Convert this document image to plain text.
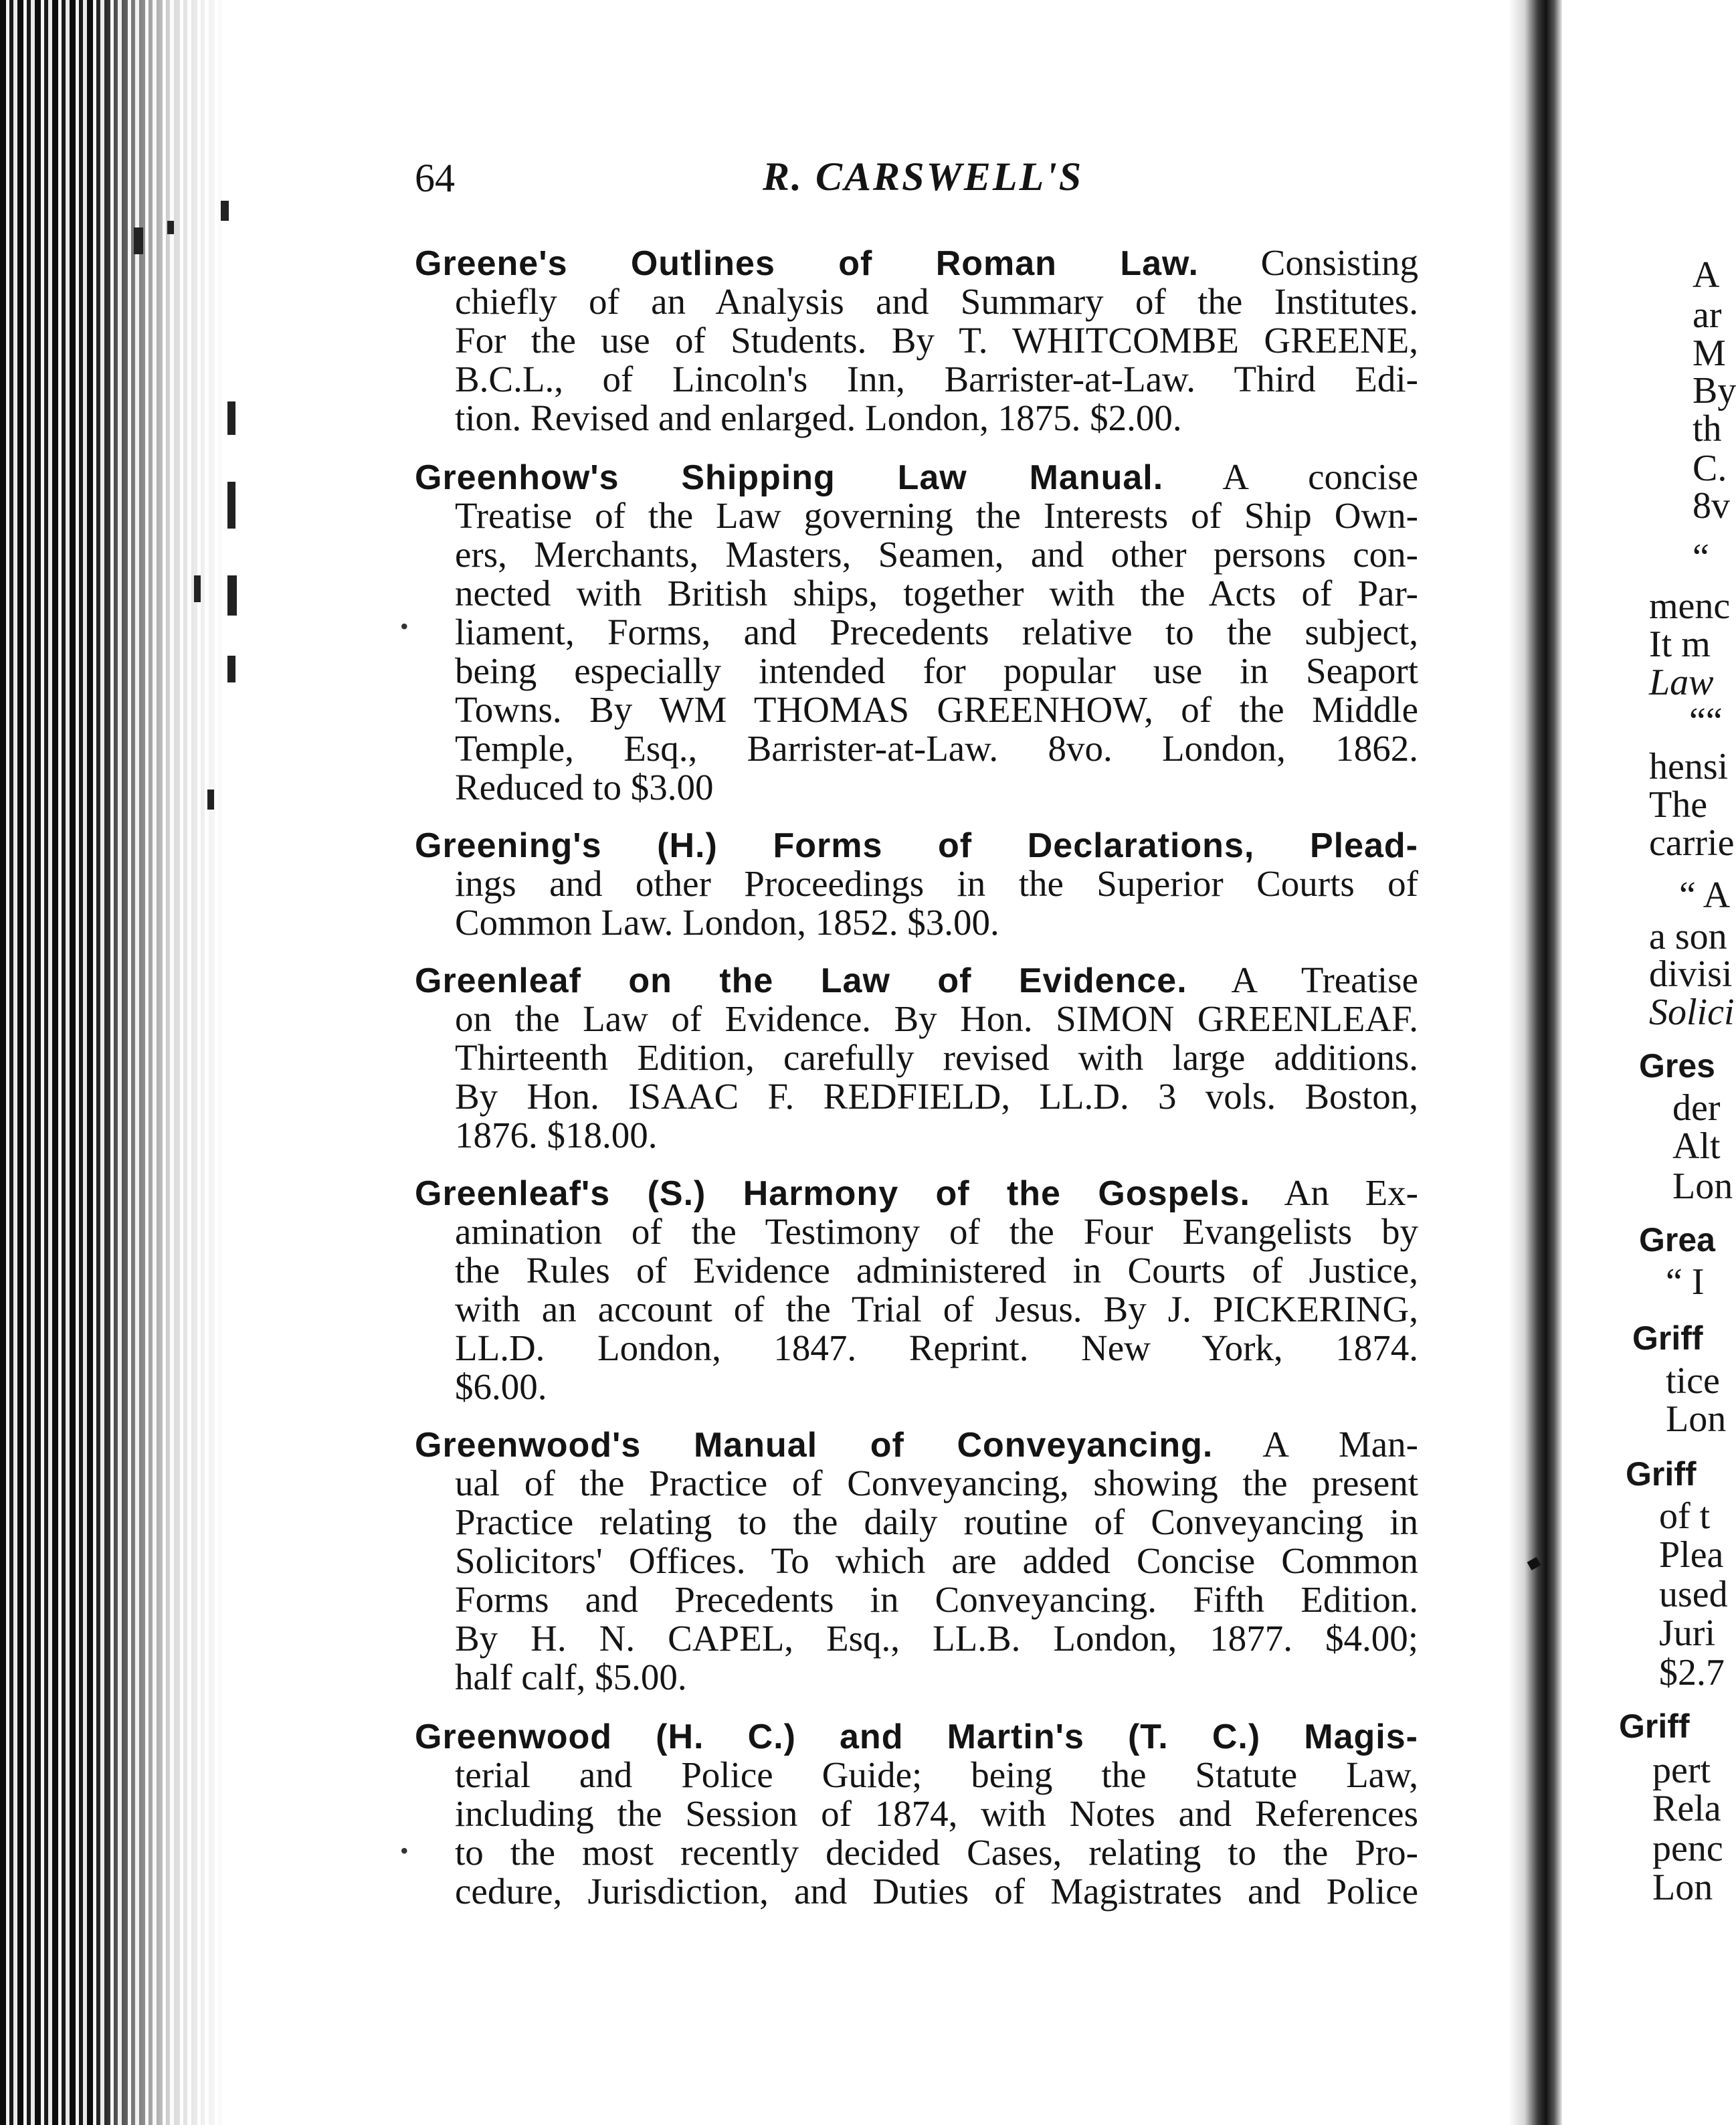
A
ar
M
By
th
C.
8v
“
menc
It m
Law
““
hensi
The
carrie
“ A
a son
divisi
Solici
Gres
der
Alt
Lon
Grea
“ I
Griff
tice
Lon
Griff
of t
Plea
used
Juri
$2.7
Griff
pert
Rela
penc
Lon
64	R. CARSWELL'S
Greene's Outlines of Roman Law. Consisting
chiefly of an Analysis and Summary of the Institutes.
For the use of Students. By T. WHITCOMBE GREENE,
B.C.L., of Lincoln's Inn, Barrister-at-Law. Third Edi-
tion. Revised and enlarged. London, 1875. $2.00.
Greenhow's Shipping Law Manual. A concise
Treatise of the Law governing the Interests of Ship Own-
ers, Merchants, Masters, Seamen, and other persons con-
nected with British ships, together with the Acts of Par-
liament, Forms, and Precedents relative to the subject,
being especially intended for popular use in Seaport
Towns. By WM THOMAS GREENHOW, of the Middle
Temple, Esq., Barrister-at-Law. 8vo. London, 1862.
Reduced to $3.00
•
Greening's (H.) Forms of Declarations, Plead-
ings and other Proceedings in the Superior Courts of
Common Law. London, 1852. $3.00.
Greenleaf on the Law of Evidence. A Treatise
on the Law of Evidence. By Hon. SIMON GREENLEAF.
Thirteenth Edition, carefully revised with large additions.
By Hon. ISAAC F. REDFIELD, LL.D. 3 vols. Boston,
1876. $18.00.
Greenleaf's (S.) Harmony of the Gospels. An Ex-
amination of the Testimony of the Four Evangelists by
the Rules of Evidence administered in Courts of Justice,
with an account of the Trial of Jesus. By J. PICKERING,
LL.D. London, 1847. Reprint. New York, 1874.
$6.00.
Greenwood's Manual of Conveyancing. A Man-
ual of the Practice of Conveyancing, showing the present
Practice relating to the daily routine of Conveyancing in
Solicitors' Offices. To which are added Concise Common
Forms and Precedents in Conveyancing. Fifth Edition.
By H. N. CAPEL, Esq., LL.B. London, 1877. $4.00;
half calf, $5.00.
Greenwood (H. C.) and Martin's (T. C.) Magis-
terial and Police Guide; being the Statute Law,
including the Session of 1874, with Notes and References
to the most recently decided Cases, relating to the Pro-
cedure, Jurisdiction, and Duties of Magistrates and Police
•
